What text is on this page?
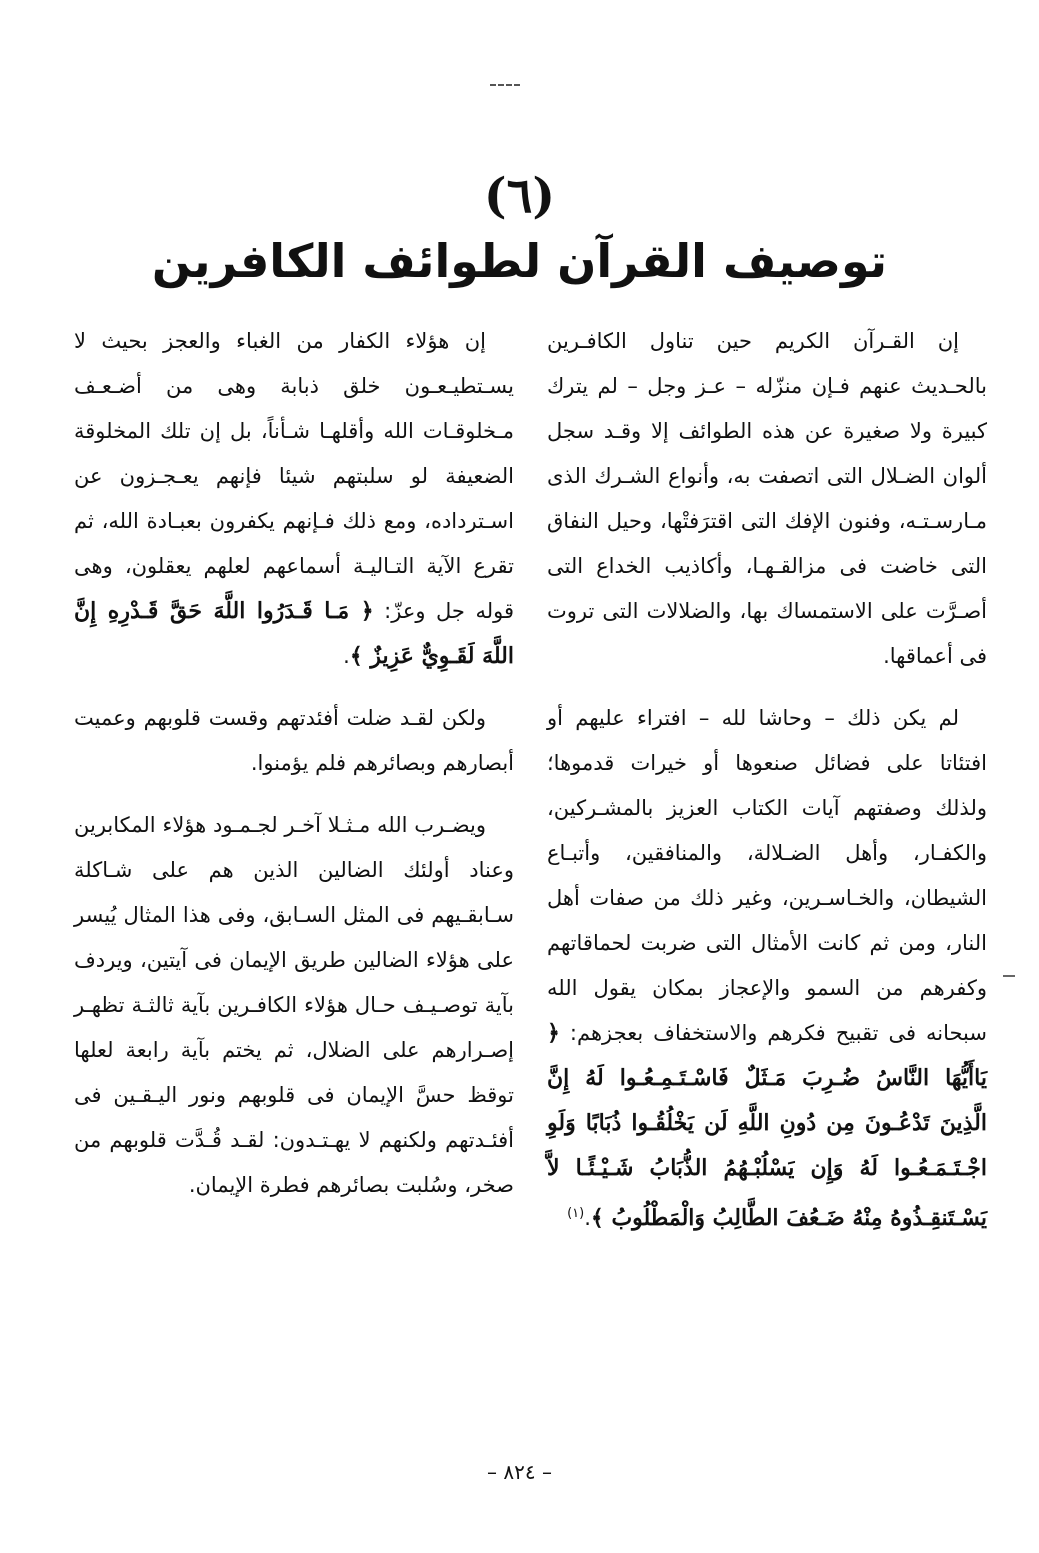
(٦)
توصيف القرآن لطوائف الكافرين

إن القـرآن الكريم حين تناول الكافـرين بالحـديث عنهم فـإن منزّله – عـز وجل – لم يترك كبيرة ولا صغيرة عن هذه الطوائف إلا وقـد سجل ألوان الضـلال التى اتصفت به، وأنواع الشـرك الذى مـارسـتـه، وفنون الإفك التى اقترَفتْها، وحيل النفاق التى خاضت فى مزالقـهـا، وأكاذيب الخداع التى أصـرَّت على الاستمساك بها، والضلالات التى تروت فى أعماقها.

لم يكن ذلك – وحاشا لله – افتراء عليهم أو افتئاتا على فضائل صنعوها أو خيرات قدموها؛ ولذلك وصفتهم آيات الكتاب العزيز بالمشـركين، والكفـار، وأهل الضـلالة، والمنافقين، وأتبـاع الشيطان، والخـاسـرين، وغير ذلك من صفات أهل النار، ومن ثم كانت الأمثال التى ضربت لحماقاتهم وكفرهم من السمو والإعجاز بمكان يقول الله سبحانه فى تقبيح فكرهم والاستخفاف بعجزهم: ﴿ يَاأَيُّهَا النَّاسُ ضُـرِبَ مَـثَلٌ فَاسْـتَـمِـعُـوا لَهُ إِنَّ الَّذِينَ تَدْعُـونَ مِن دُونِ اللَّهِ لَن يَخْلُقُـوا ذُبَابًا وَلَوِ اجْـتَـمَـعُـوا لَهُ وَإِن يَسْلُبْـهُمُ الذُّبَابُ شَـيْـئًـا لاَّ يَسْـتَنقِـذُوهُ مِنْهُ ضَـعُفَ الطَّالِبُ وَالْمَطْلُوبُ ﴾.$^{(١)}$

إن هؤلاء الكفار من الغباء والعجز بحيث لا يسـتطيـعـون خلق ذبابة وهى من أضـعـف مـخلوقـات الله وأقلهـا شـأناً، بل إن تلك المخلوقة الضعيفة لو سلبتهم شيئا فإنهم يعـجـزون عن اسـترداده، ومع ذلك فـإنهم يكفرون بعبـادة الله، ثم تقرع الآية التـاليـة أسماعهم لعلهم يعقلون، وهى قوله جل وعزّ: ﴿ مَـا قَـدَرُوا اللَّهَ حَقَّ قَـدْرِهِ إِنَّ اللَّهَ لَقَـوِيٌّ عَزِيزٌ ﴾.

ولكن لقـد ضلت أفئدتهم وقست قلوبهم وعميت أبصارهم وبصائرهم فلم يؤمنوا.

ويضـرب الله مـثـلا آخـر لجـمـود هؤلاء المكابرين وعناد أولئك الضالين الذين هم على شـاكلة سـابقـيهم فى المثل السـابق، وفى هذا المثال يُيسر على هؤلاء الضالين طريق الإيمان فى آيتين، ويردف بآية توصـيـف حـال هؤلاء الكافـرين بآية ثالثـة تظهـر إصـرارهم على الضلال، ثم يختم بآية رابعة لعلها توقظ حسَّ الإيمان فى قلوبهم ونور اليـقـين فى أفئـدتهم ولكنهم لا يهـتـدون: لقـد قُـدَّت قلوبهم من صخر، وسُلبت بصائرهم فطرة الإيمان.

– ٨٢٤ –
